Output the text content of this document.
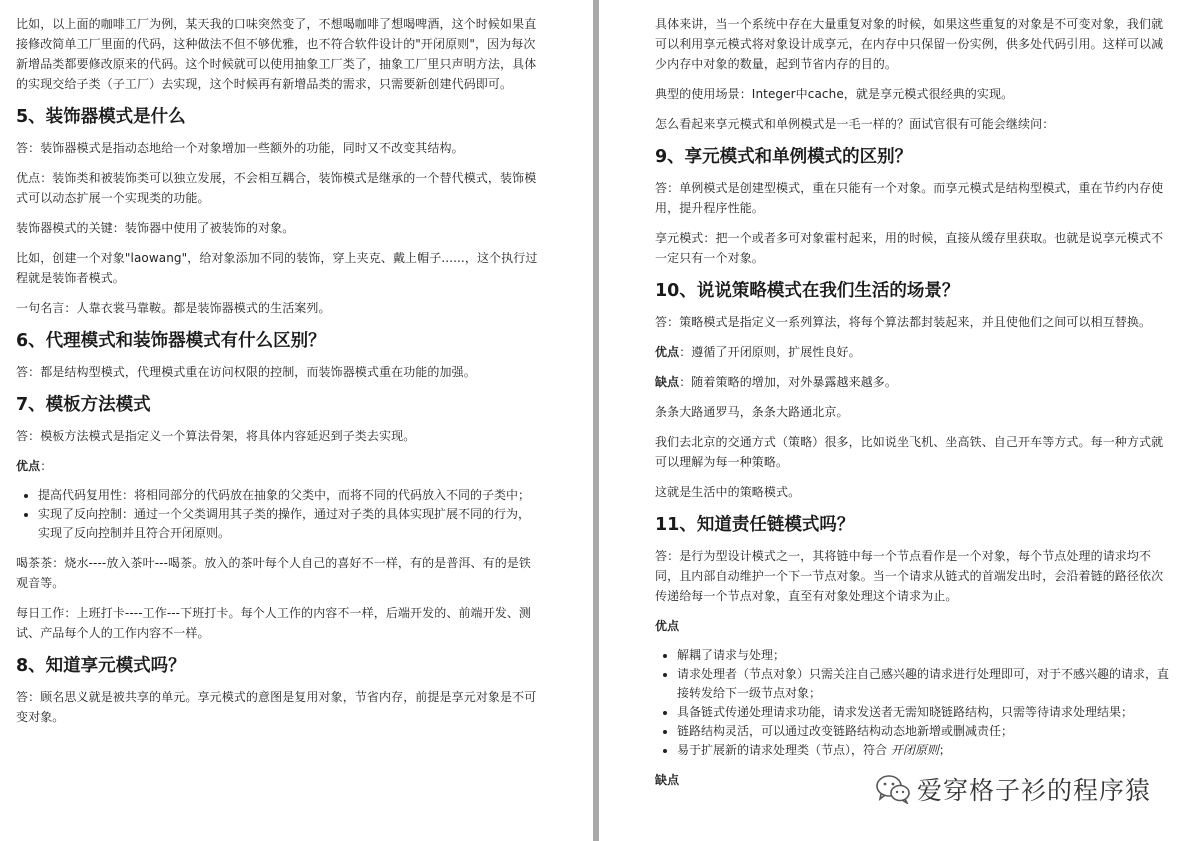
比如，以上面的咖啡工厂为例，某天我的口味突然变了，不想喝咖啡了想喝啤酒，这个时候如果直接修改简单工厂里面的代码，这种做法不但不够优雅，也不符合软件设计的"开闭原则"，因为每次新增品类都要修改原来的代码。这个时候就可以使用抽象工厂类了，抽象工厂里只声明方法，具体的实现交给子类（子工厂）去实现，这个时候再有新增品类的需求，只需要新创建代码即可。

5、装饰器模式是什么

答：装饰器模式是指动态地给一个对象增加一些额外的功能，同时又不改变其结构。

优点：装饰类和被装饰类可以独立发展，不会相互耦合，装饰模式是继承的一个替代模式，装饰模式可以动态扩展一个实现类的功能。

装饰器模式的关键：装饰器中使用了被装饰的对象。

比如，创建一个对象"laowang"，给对象添加不同的装饰，穿上夹克、戴上帽子......，这个执行过程就是装饰者模式。

一句名言：人靠衣裳马靠鞍。都是装饰器模式的生活案列。

6、代理模式和装饰器模式有什么区别？

答：都是结构型模式，代理模式重在访问权限的控制，而装饰器模式重在功能的加强。

7、模板方法模式

答：模板方法模式是指定义一个算法骨架，将具体内容延迟到子类去实现。

优点：

• 提高代码复用性：将相同部分的代码放在抽象的父类中，而将不同的代码放入不同的子类中；
• 实现了反向控制：通过一个父类调用其子类的操作，通过对子类的具体实现扩展不同的行为，实现了反向控制并且符合开闭原则。

喝茶茶：烧水----放入茶叶---喝茶。放入的茶叶每个人自己的喜好不一样，有的是普洱、有的是铁观音等。

每日工作：上班打卡----工作---下班打卡。每个人工作的内容不一样，后端开发的、前端开发、测试、产品每个人的工作内容不一样。

8、知道享元模式吗？

答：顾名思义就是被共享的单元。享元模式的意图是复用对象，节省内存，前提是享元对象是不可变对象。

具体来讲，当一个系统中存在大量重复对象的时候，如果这些重复的对象是不可变对象，我们就可以利用享元模式将对象设计成享元，在内存中只保留一份实例，供多处代码引用。这样可以减少内存中对象的数量，起到节省内存的目的。

典型的使用场景：Integer中cache，就是享元模式很经典的实现。

怎么看起来享元模式和单例模式是一毛一样的？面试官很有可能会继续问：

9、享元模式和单例模式的区别？

答：单例模式是创建型模式，重在只能有一个对象。而享元模式是结构型模式，重在节约内存使用，提升程序性能。

享元模式：把一个或者多可对象霍村起来，用的时候，直接从缓存里获取。也就是说享元模式不一定只有一个对象。

10、说说策略模式在我们生活的场景？

答：策略模式是指定义一系列算法，将每个算法都封装起来，并且使他们之间可以相互替换。

优点：遵循了开闭原则，扩展性良好。

缺点：随着策略的增加，对外暴露越来越多。

条条大路通罗马，条条大路通北京。

我们去北京的交通方式（策略）很多，比如说坐飞机、坐高铁、自己开车等方式。每一种方式就可以理解为每一种策略。

这就是生活中的策略模式。

11、知道责任链模式吗？

答：是行为型设计模式之一，其将链中每一个节点看作是一个对象，每个节点处理的请求均不同，且内部自动维护一个下一节点对象。当一个请求从链式的首端发出时，会沿着链的路径依次传递给每一个节点对象，直至有对象处理这个请求为止。

优点

• 解耦了请求与处理；
• 请求处理者（节点对象）只需关注自己感兴趣的请求进行处理即可，对于不感兴趣的请求，直接转发给下一级节点对象；
• 具备链式传递处理请求功能，请求发送者无需知晓链路结构，只需等待请求处理结果；
• 链路结构灵活，可以通过改变链路结构动态地新增或删减责任；
• 易于扩展新的请求处理类（节点），符合 开闭原则；

缺点	爱穿格子衫的程序猿
